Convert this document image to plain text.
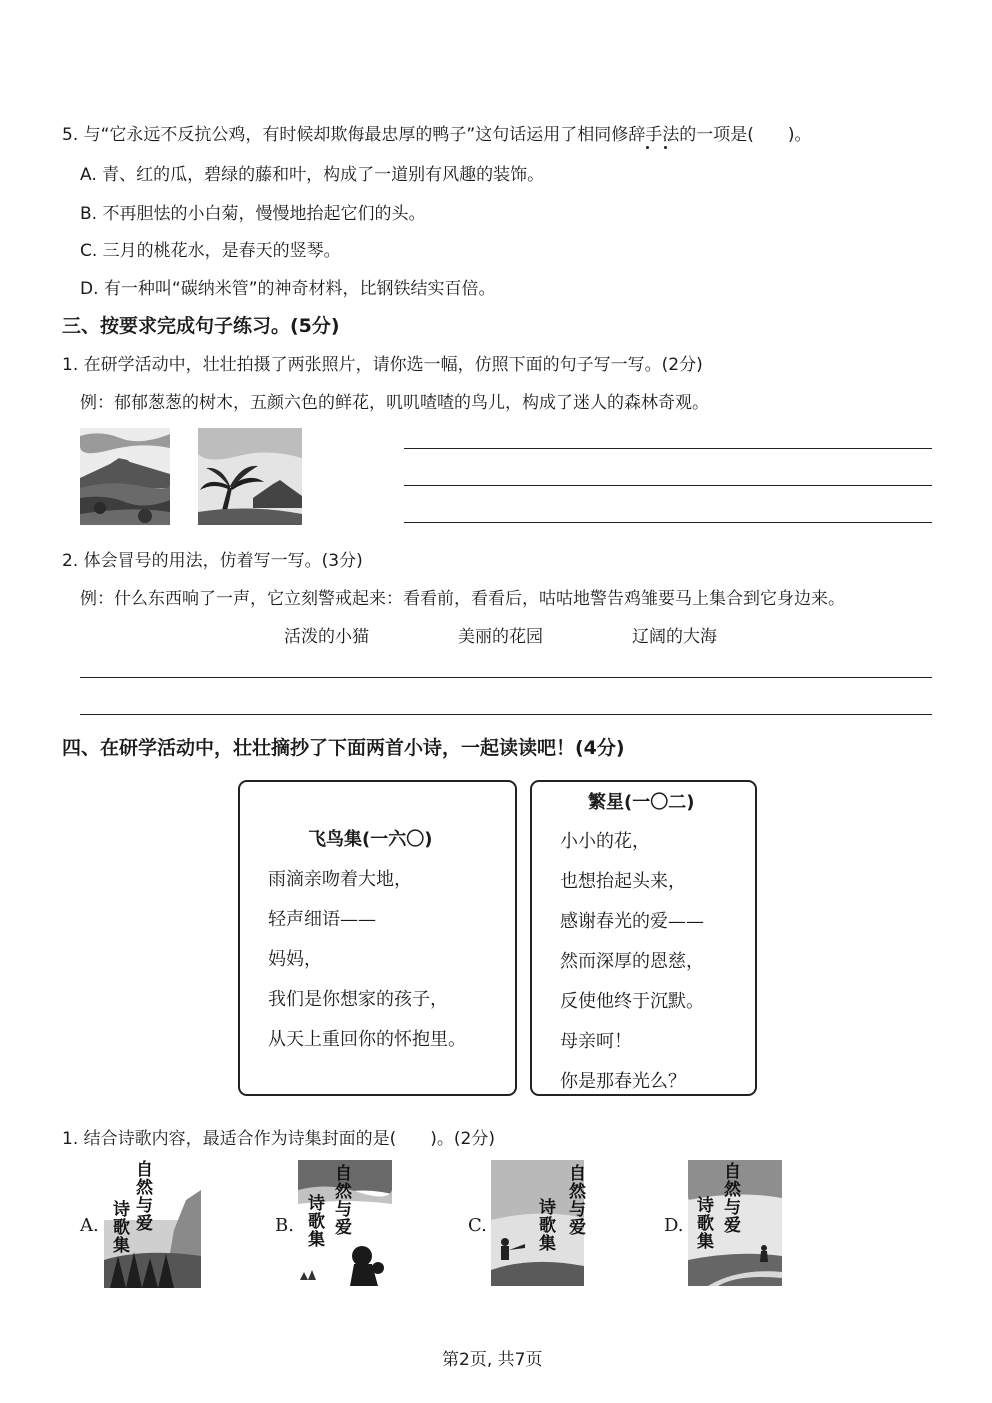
5. 与“它永远不反抗公鸡，有时候却欺侮最忠厚的鸭子”这句话运用了相同修辞手法的一项是(　　)。
A. 青、红的瓜，碧绿的藤和叶，构成了一道别有风趣的装饰。
B. 不再胆怯的小白菊，慢慢地抬起它们的头。
C. 三月的桃花水，是春天的竖琴。
D. 有一种叫“碳纳米管”的神奇材料，比钢铁结实百倍。
三、按要求完成句子练习。(5分)
1. 在研学活动中，壮壮拍摄了两张照片，请你选一幅，仿照下面的句子写一写。(2分)
例：郁郁葱葱的树木，五颜六色的鲜花，叽叽喳喳的鸟儿，构成了迷人的森林奇观。
2. 体会冒号的用法，仿着写一写。(3分)
例：什么东西响了一声，它立刻警戒起来：看看前，看看后，咕咕地警告鸡雏要马上集合到它身边来。
活泼的小猫	美丽的花园	辽阔的大海
四、在研学活动中，壮壮摘抄了下面两首小诗，一起读读吧！(4分)
飞鸟集(一六〇)
雨滴亲吻着大地，
轻声细语——
妈妈，
我们是你想家的孩子，
从天上重回你的怀抱里。
繁星(一〇二)
小小的花，
也想抬起头来，
感谢春光的爱——
然而深厚的恩慈，
反使他终于沉默。
母亲呵！
你是那春光么？
1. 结合诗歌内容，最适合作为诗集封面的是(　　)。(2分)
A. 自然与爱
诗歌集	B. 自然与爱
诗歌集	C.	自然与爱
诗歌集	D. 自然与爱
诗歌集
第2页, 共7页
